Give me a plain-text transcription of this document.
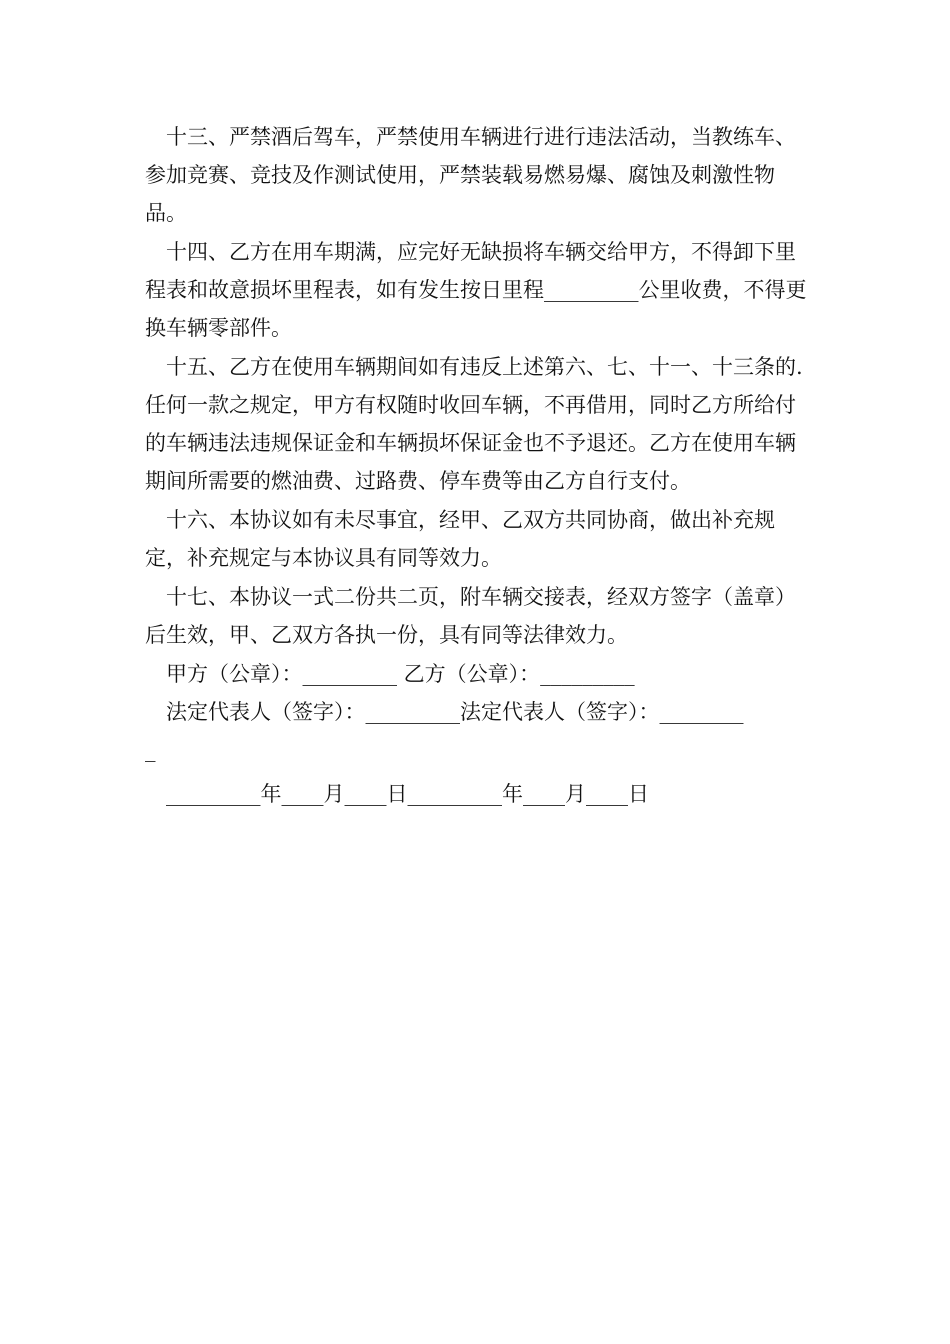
十三、严禁酒后驾车，严禁使用车辆进行进行违法活动，当教练车、参加竞赛、竞技及作测试使用，严禁装载易燃易爆、腐蚀及刺激性物品。

十四、乙方在用车期满，应完好无缺损将车辆交给甲方，不得卸下里程表和故意损坏里程表，如有发生按日里程_________公里收费，不得更换车辆零部件。

十五、乙方在使用车辆期间如有违反上述第六、七、十一、十三条的.任何一款之规定，甲方有权随时收回车辆，不再借用，同时乙方所给付的车辆违法违规保证金和车辆损坏保证金也不予退还。乙方在使用车辆期间所需要的燃油费、过路费、停车费等由乙方自行支付。

十六、本协议如有未尽事宜，经甲、乙双方共同协商，做出补充规定，补充规定与本协议具有同等效力。

十七、本协议一式二份共二页，附车辆交接表，经双方签字（盖章）后生效，甲、乙双方各执一份，具有同等法律效力。

甲方（公章）：_________ 乙方（公章）：_________

法定代表人（签字）：_________法定代表人（签字）：________

_

_________年____月____日_________年____月____日
